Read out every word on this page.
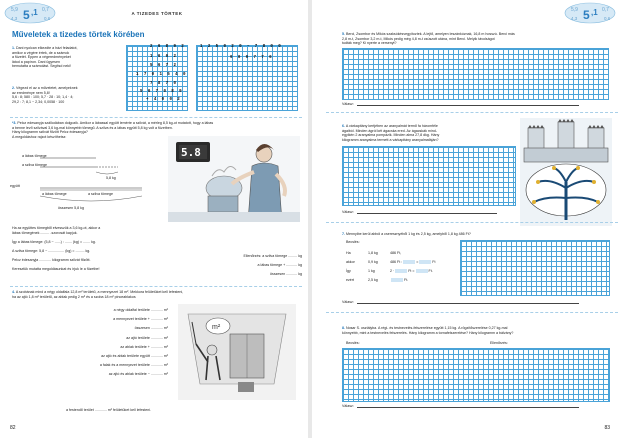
5,9 5 ,1 0,7
4,3	0,6
A TIZEDES TÖRTEK
Műveletek a tizedes törtek körében
1. Dani nyolcan elkezdte a házi feladatot,
amikor a végére értek, de a számok
a füzetét. Éppen a végeredményeket
látod a papíron. Dani ügyesen
bemutatta a számolást. Segítsd neki!
2. Végezd el az a műveletet, amelyeknek
az eredménye nem 5,8!
5,6 : 8; 580 : 100; 5,7 · 28 : 10; 1,4 · 4;
29,2 : 7; 8,1 − 2,34; 0,0058 · 100
2 6 8 9 2
1 6 6 2
5 6 7 2
1 7 0 1 5 4 0
7 8 7 0
5 6 7 0 8 9
+ 4 0 0 2
1 2 5 0 2 0 – 7 8 0 0
9 0 9 7 7 6
*3. Pelcz edesanyja szállodában dolgozik. Amikor a lábassal együtt lemérte a szilvát, a mérleg 8,5 kg-ot mutatott, hogy a lábas
a benne levő szilvával 3,6 kg-mal könnyebb tömegű. A szilva és a lábas együtt 5,8 kg volt a füzetben.
Hány kilogramm szilvát főzött Pelcz édesanyja?
A megoldáshoz rajzot készíthetsz:
a lábas tömege
a szilva tömege
5,8 kg
együtt
a lábas tömege	a szilva tömege
összesen 5,8 kg
5.8
Ha az együttes tömegből elvesszük a 3,6 kg-ot, akkor a
lábas tömegének ......... -szorosát kapjuk.

Így a lábas tömege: (5,8 − ......) : ....... (kg) = ....... kg.

A szilva tömege: 5,8 − ................ (kg) = ......... kg.

Pelcz édesanyja ............ kilogramm szilvát főzött.

Keresztük mutatta megoldásunkat és írjuk le a füzetbe!
Ellenőrzés: a szilva tömege ......... kg

a lábas tömege + ........... kg

összesen ........... kg
4. A szobának mind a négy oldalfala 12,8 m² területű, a mennyezet 18 m². Mekkora felületüket kell lefesteni,
ha az ajtó 1,8 m² területű, az ablak pedig 2 m² és a szoba 18 m² pinceablakos
a négy oldalfal területe ............ m²

a mennyezet területe + ............ m²

összesen ............ m²

az ajtó területe ............ m²

az ablak területe + ............ m²

az ajtó és ablak területe együtt ............ m²

a falak és a mennyezet területe ............ m²

az ajtó és ablak területe − ............ m²
a festendő terület ............ m² felületüket kell lefesteni.
m²
82
5,9 5 ,1 0,7
4,3	0,6
5. Berci, Zsombor és Mikós szaksókésvegyítoztek. A lejtő, amelyen leszánkóznak, 16,8 m hosszú. Berci más
2,8 m-t, Zsombor 3,2 m-t, Mikós pedig még 4,8 m-t csúszott utána, mint Berci. Melyik távolságot
tudták meg? Ki nyerte a versenyt?
Válasz:
6. A várkapitány kertjében az aranyalmát termő fa háromféle
ágaiból. Minden ágról két ágacska ered. Az ágacskák mind-
egyikén 2 aranyalma pompázik. Minden alma 27,8 dkg. Hány
kilogramm aranyalma termett a várkapitány aranyalmafáján?
Válasz:
7. Mennyibe kerül abból a cseresznyéből 1 kg és 2,5 kg, amelyből 1,8 kg 486 Ft?
Becslés:
Ha	1,8 kg	486 Ft,
akkor	0,9 kg	486 Ft :	=	Ft
Így	1 kg	2 ·	Ft =	Ft.
ezért	2,5 kg	Ft.
Válasz:
8. Nosar S. osztályba. A régi- és testnevelés-felszerelése együtt 1,15 kg. A rögzítőszerelése 0,27 kg-mal
könnyebb, mint a testnevelés felszerelés. Hány kilogramm a tornafelszerelése? Hány kilogramm a bálvány?
Becslés:	Ellenőrzés:
Válasz:
83
